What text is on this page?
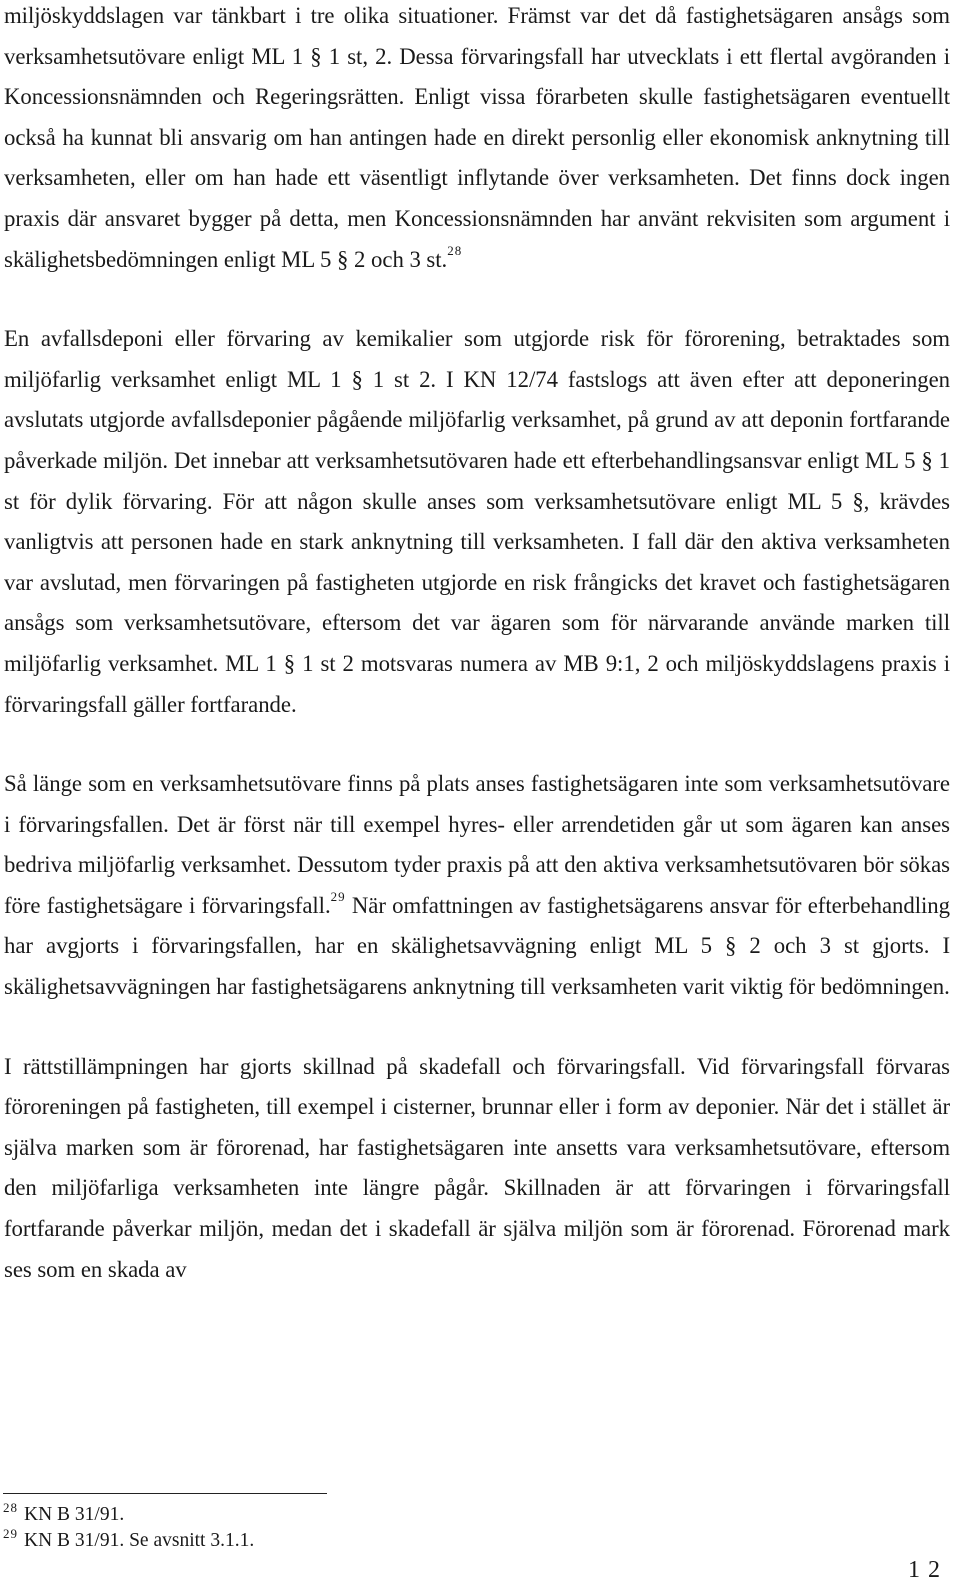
miljöskyddslagen var tänkbart i tre olika situationer. Främst var det då fastighetsägaren ansågs som verksamhetsutövare enligt ML 1 § 1 st, 2. Dessa förvaringsfall har utvecklats i ett flertal avgöranden i Koncessionsnämnden och Regeringsrätten. Enligt vissa förarbeten skulle fastighetsägaren eventuellt också ha kunnat bli ansvarig om han antingen hade en direkt personlig eller ekonomisk anknytning till verksamheten, eller om han hade ett väsentligt inflytande över verksamheten. Det finns dock ingen praxis där ansvaret bygger på detta, men Koncessionsnämnden har använt rekvisiten som argument i skälighetsbedömningen enligt ML 5 § 2 och 3 st.$^{28}$

En avfallsdeponi eller förvaring av kemikalier som utgjorde risk för förorening, betraktades som miljöfarlig verksamhet enligt ML 1 § 1 st 2. I KN 12/74 fastslogs att även efter att deponeringen avslutats utgjorde avfallsdeponier pågående miljöfarlig verksamhet, på grund av att deponin fortfarande påverkade miljön. Det innebar att verksamhetsutövaren hade ett efterbehandlingsansvar enligt ML 5 § 1 st för dylik förvaring. För att någon skulle anses som verksamhetsutövare enligt ML 5 §, krävdes vanligtvis att personen hade en stark anknytning till verksamheten. I fall där den aktiva verksamheten var avslutad, men förvaringen på fastigheten utgjorde en risk frångicks det kravet och fastighetsägaren ansågs som verksamhetsutövare, eftersom det var ägaren som för närvarande använde marken till miljöfarlig verksamhet. ML 1 § 1 st 2 motsvaras numera av MB 9:1, 2 och miljöskyddslagens praxis i förvaringsfall gäller fortfarande.

Så länge som en verksamhetsutövare finns på plats anses fastighetsägaren inte som verksamhetsutövare i förvaringsfallen. Det är först när till exempel hyres- eller arrendetiden går ut som ägaren kan anses bedriva miljöfarlig verksamhet. Dessutom tyder praxis på att den aktiva verksamhetsutövaren bör sökas före fastighetsägare i förvaringsfall.$^{29}$ När omfattningen av fastighetsägarens ansvar för efterbehandling har avgjorts i förvaringsfallen, har en skälighetsavvägning enligt ML 5 § 2 och 3 st gjorts. I skälighetsavvägningen har fastighetsägarens anknytning till verksamheten varit viktig för bedömningen.

I rättstillämpningen har gjorts skillnad på skadefall och förvaringsfall. Vid förvaringsfall förvaras föroreningen på fastigheten, till exempel i cisterner, brunnar eller i form av deponier. När det i stället är själva marken som är förorenad, har fastighetsägaren inte ansetts vara verksamhetsutövare, eftersom den miljöfarliga verksamheten inte längre pågår. Skillnaden är att förvaringen i förvaringsfall fortfarande påverkar miljön, medan det i skadefall är själva miljön som är förorenad. Förorenad mark ses som en skada av

$^{28}$ KN B 31/91.

$^{29}$ KN B 31/91. Se avsnitt 3.1.1.

12
